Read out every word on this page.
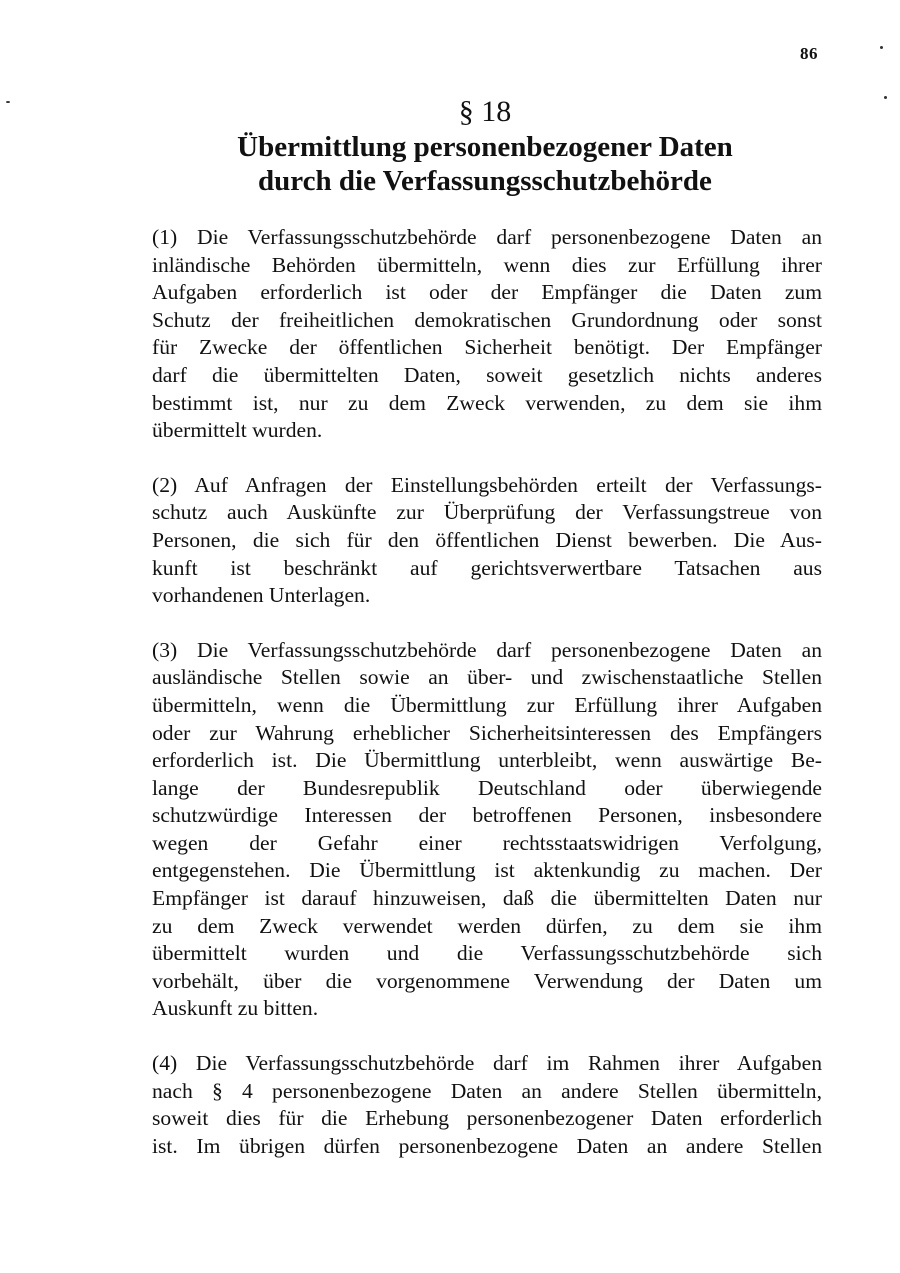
86
§ 18
Übermittlung personenbezogener Daten
durch die Verfassungsschutzbehörde
(1) Die Verfassungsschutzbehörde darf personenbezogene Daten an
inländische Behörden übermitteln, wenn dies zur Erfüllung ihrer
Aufgaben erforderlich ist oder der Empfänger die Daten zum
Schutz der freiheitlichen demokratischen Grundordnung oder sonst
für Zwecke der öffentlichen Sicherheit benötigt. Der Empfänger
darf die übermittelten Daten, soweit gesetzlich nichts anderes
bestimmt ist, nur zu dem Zweck verwenden, zu dem sie ihm
übermittelt wurden.
(2) Auf Anfragen der Einstellungsbehörden erteilt der Verfassungs-
schutz auch Auskünfte zur Überprüfung der Verfassungstreue von
Personen, die sich für den öffentlichen Dienst bewerben. Die Aus-
kunft ist beschränkt auf gerichtsverwertbare Tatsachen aus
vorhandenen Unterlagen.
(3) Die Verfassungsschutzbehörde darf personenbezogene Daten an
ausländische Stellen sowie an über- und zwischenstaatliche Stellen
übermitteln, wenn die Übermittlung zur Erfüllung ihrer Aufgaben
oder zur Wahrung erheblicher Sicherheitsinteressen des Empfängers
erforderlich ist. Die Übermittlung unterbleibt, wenn auswärtige Be-
lange der Bundesrepublik Deutschland oder überwiegende
schutzwürdige Interessen der betroffenen Personen, insbesondere
wegen der Gefahr einer rechtsstaatswidrigen Verfolgung,
entgegenstehen. Die Übermittlung ist aktenkundig zu machen. Der
Empfänger ist darauf hinzuweisen, daß die übermittelten Daten nur
zu dem Zweck verwendet werden dürfen, zu dem sie ihm
übermittelt wurden und die Verfassungsschutzbehörde sich
vorbehält, über die vorgenommene Verwendung der Daten um
Auskunft zu bitten.
(4) Die Verfassungsschutzbehörde darf im Rahmen ihrer Aufgaben
nach § 4 personenbezogene Daten an andere Stellen übermitteln,
soweit dies für die Erhebung personenbezogener Daten erforderlich
ist. Im übrigen dürfen personenbezogene Daten an andere Stellen
